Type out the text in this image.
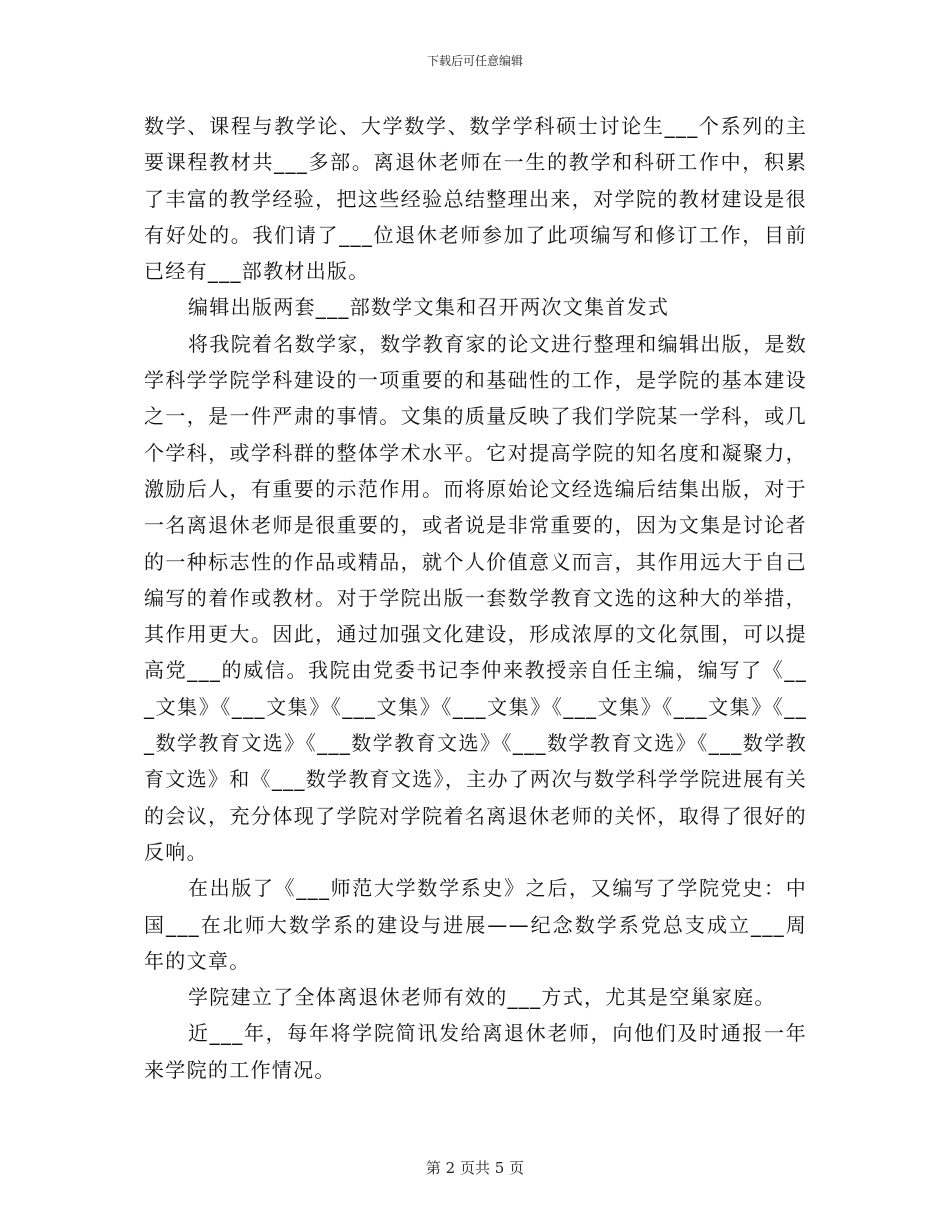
下载后可任意编辑

数学、课程与教学论、大学数学、数学学科硕士讨论生___个系列的主要课程教材共___多部。离退休老师在一生的教学和科研工作中，积累了丰富的教学经验，把这些经验总结整理出来，对学院的教材建设是很有好处的。我们请了___位退休老师参加了此项编写和修订工作，目前已经有___部教材出版。

编辑出版两套___部数学文集和召开两次文集首发式

将我院着名数学家，数学教育家的论文进行整理和编辑出版，是数学科学学院学科建设的一项重要的和基础性的工作，是学院的基本建设之一，是一件严肃的事情。文集的质量反映了我们学院某一学科，或几个学科，或学科群的整体学术水平。它对提高学院的知名度和凝聚力，激励后人，有重要的示范作用。而将原始论文经选编后结集出版，对于一名离退休老师是很重要的，或者说是非常重要的，因为文集是讨论者的一种标志性的作品或精品，就个人价值意义而言，其作用远大于自己编写的着作或教材。对于学院出版一套数学教育文选的这种大的举措，其作用更大。因此，通过加强文化建设，形成浓厚的文化氛围，可以提高党___的威信。我院由党委书记李仲来教授亲自任主编，编写了《___文集》《___文集》《___文集》《___文集》《___文集》《___文集》《___数学教育文选》《___数学教育文选》《___数学教育文选》《___数学教育文选》和《___数学教育文选》，主办了两次与数学科学学院进展有关的会议，充分体现了学院对学院着名离退休老师的关怀，取得了很好的反响。

在出版了《___师范大学数学系史》之后，又编写了学院党史：中国___在北师大数学系的建设与进展——纪念数学系党总支成立___周年的文章。

学院建立了全体离退休老师有效的___方式，尤其是空巢家庭。

近___年，每年将学院简讯发给离退休老师，向他们及时通报一年来学院的工作情况。

第 2 页共 5 页
